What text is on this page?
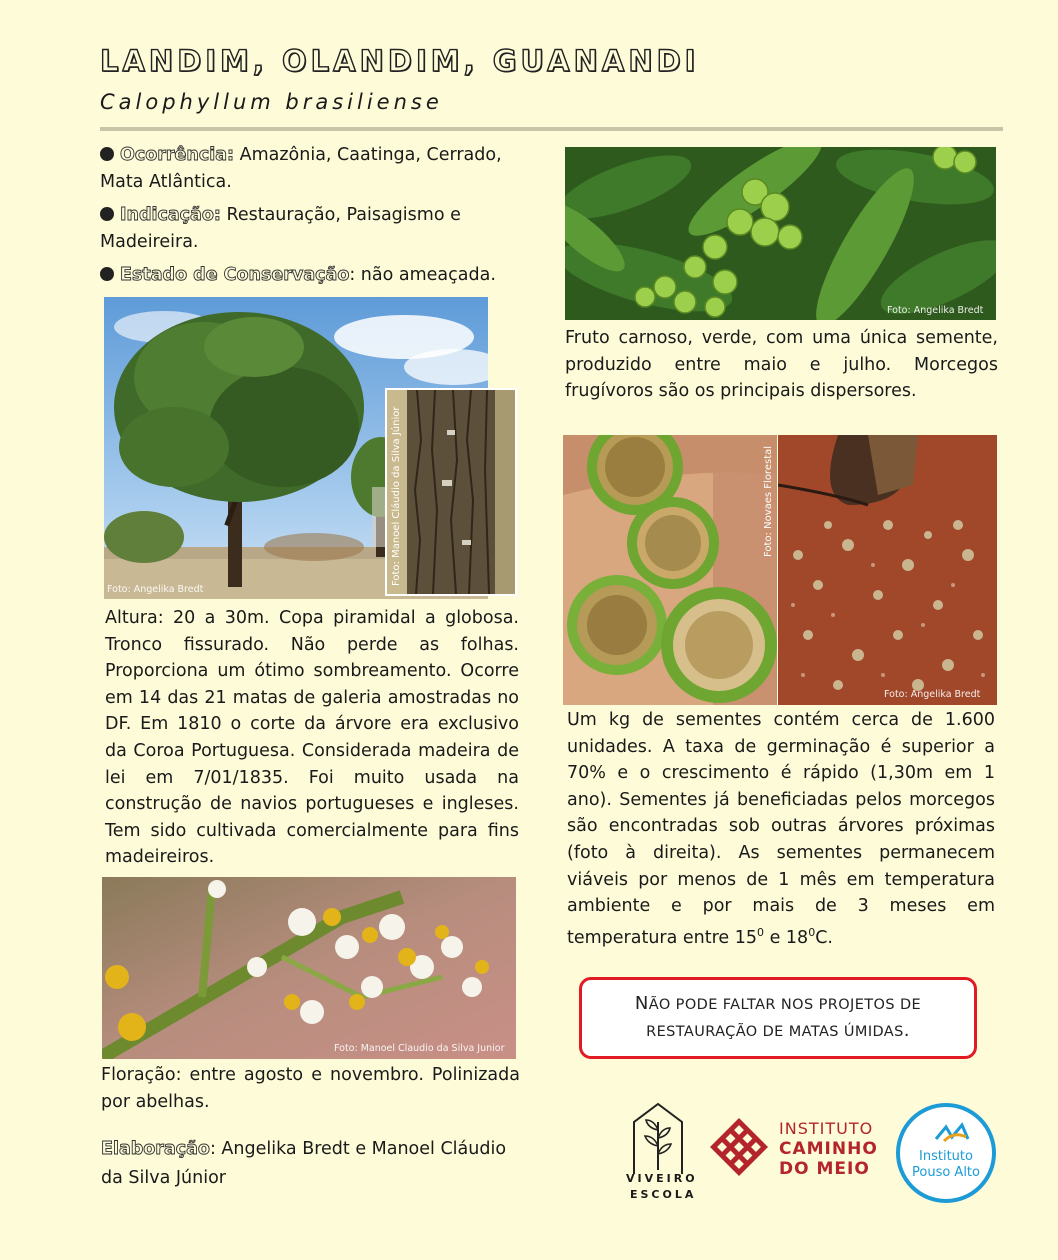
LANDIM, OLANDIM, GUANANDI
Calophyllum brasiliense
Ocorrência: Amazônia, Caatinga, Cerrado, Mata Atlântica.
Indicação: Restauração, Paisagismo e Madeireira.
Estado de Conservação: não ameaçada.
Foto: Angelika Bredt
Foto: Manoel Cláudio da Silva Júnior
Altura: 20 a 30m. Copa piramidal a globosa. Tronco fissurado. Não perde as folhas. Proporciona um ótimo sombreamento. Ocorre em 14 das 21 matas de galeria amostradas no DF. Em 1810 o corte da árvore era exclusivo da Coroa Portuguesa. Considerada madeira de lei em 7/01/1835. Foi muito usada na construção de navios portugueses e ingleses. Tem sido cultivada comercialmente para fins madeireiros.
Foto: Manoel Claudio da Silva Junior
Floração: entre agosto e novembro. Polinizada por abelhas.
Elaboração: Angelika Bredt e Manoel Cláudio da Silva Júnior
Foto: Angelika Bredt
Fruto carnoso, verde, com uma única semente, produzido entre maio e julho. Morcegos frugívoros são os principais dispersores.
Foto: Novaes Florestal
Foto: Angelika Bredt
Um kg de sementes contém cerca de 1.600 unidades. A taxa de germinação é superior a 70% e o crescimento é rápido (1,30m em 1 ano). Sementes já beneficiadas pelos morcegos são encontradas sob outras árvores próximas (foto à direita). As sementes permanecem viáveis por menos de 1 mês em temperatura ambiente e por mais de 3 meses em temperatura entre $15^0$ e $18^0C$.
NÃO PODE FALTAR NOS PROJETOS DE
RESTAURAÇÃO DE MATAS ÚMIDAS.
VIVEIRO
ESCOLA
INSTITUTO
CAMINHO
DO MEIO
Instituto
Pouso Alto
